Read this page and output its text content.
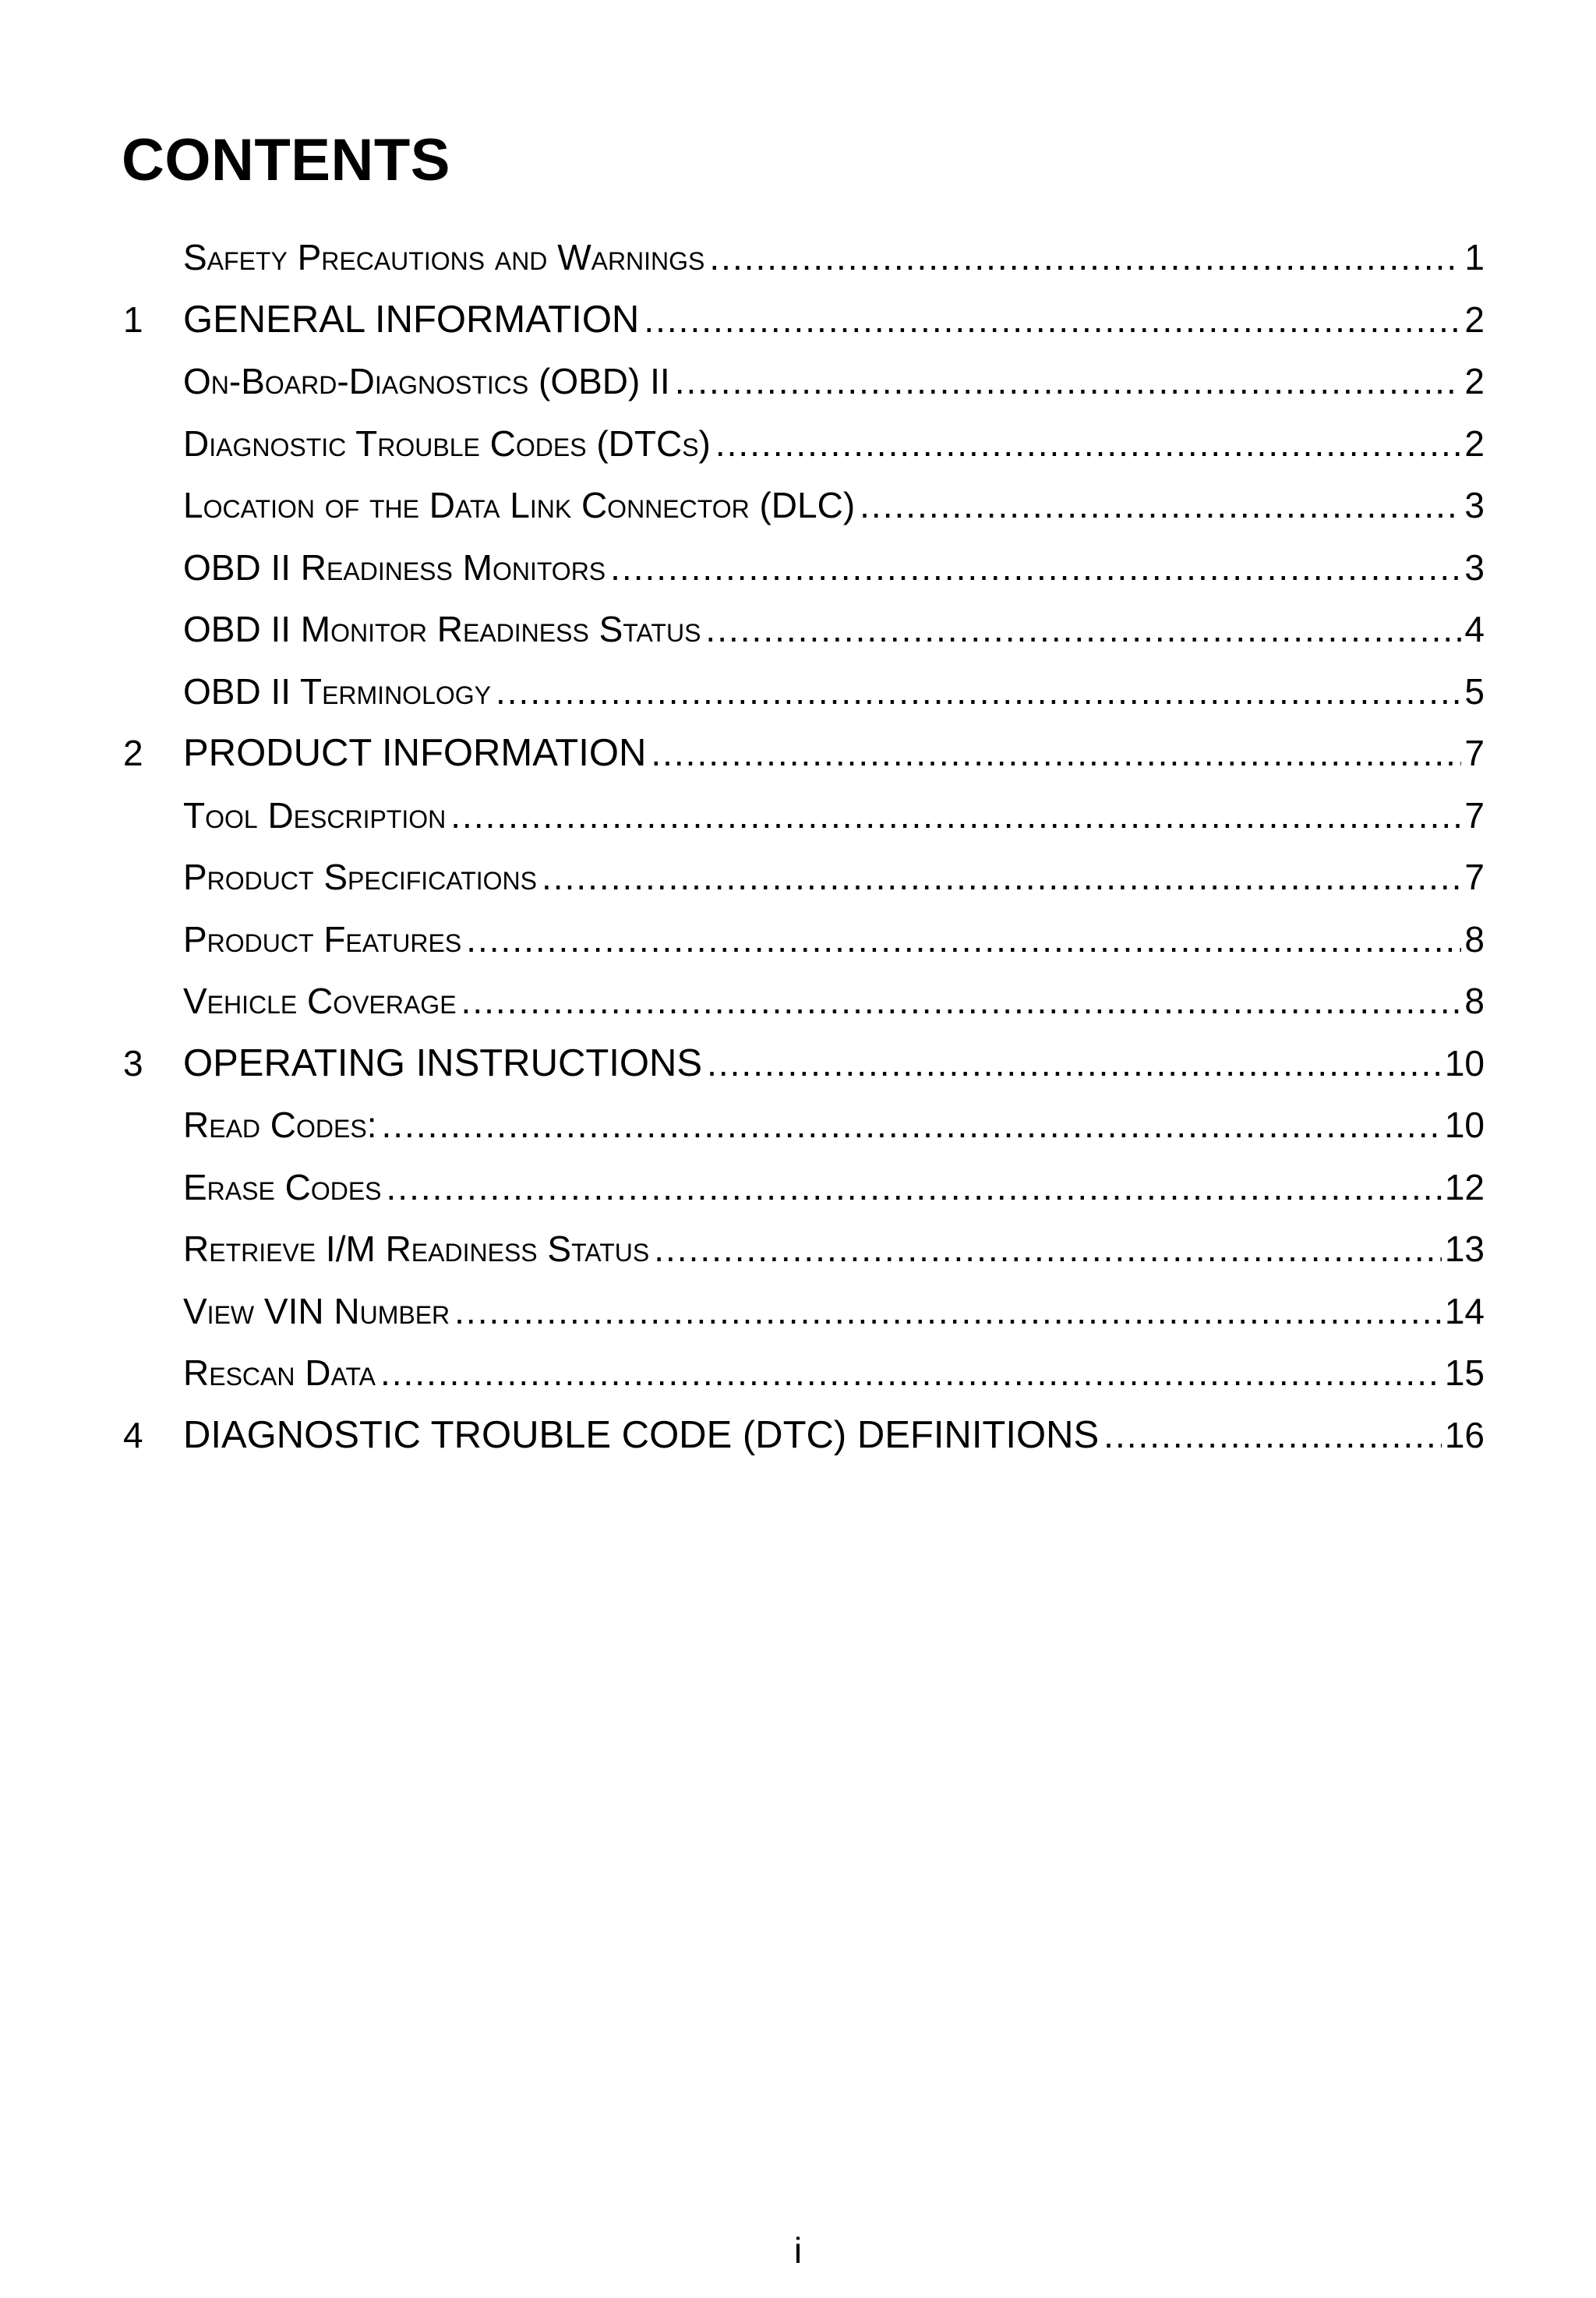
CONTENTS
Safety Precautions and Warnings .....	1
1 GENERAL INFORMATION .....	2
On-Board-Diagnostics (OBD) II .....	2
Diagnostic Trouble Codes (DTCs) .....	2
Location of the Data Link Connector (DLC) .....	3
OBD II Readiness Monitors .....	3
OBD II Monitor Readiness Status .....	4
OBD II Terminology .....	5
2 PRODUCT INFORMATION .....	7
Tool Description .....	7
Product Specifications .....	7
Product Features .....	8
Vehicle Coverage .....	8
3 OPERATING INSTRUCTIONS .....	10
Read Codes: .....	10
Erase Codes .....	12
Retrieve I/M Readiness Status .....	13
View VIN Number .....	14
Rescan Data .....	15
4 DIAGNOSTIC TROUBLE CODE (DTC) DEFINITIONS .....	16
i
